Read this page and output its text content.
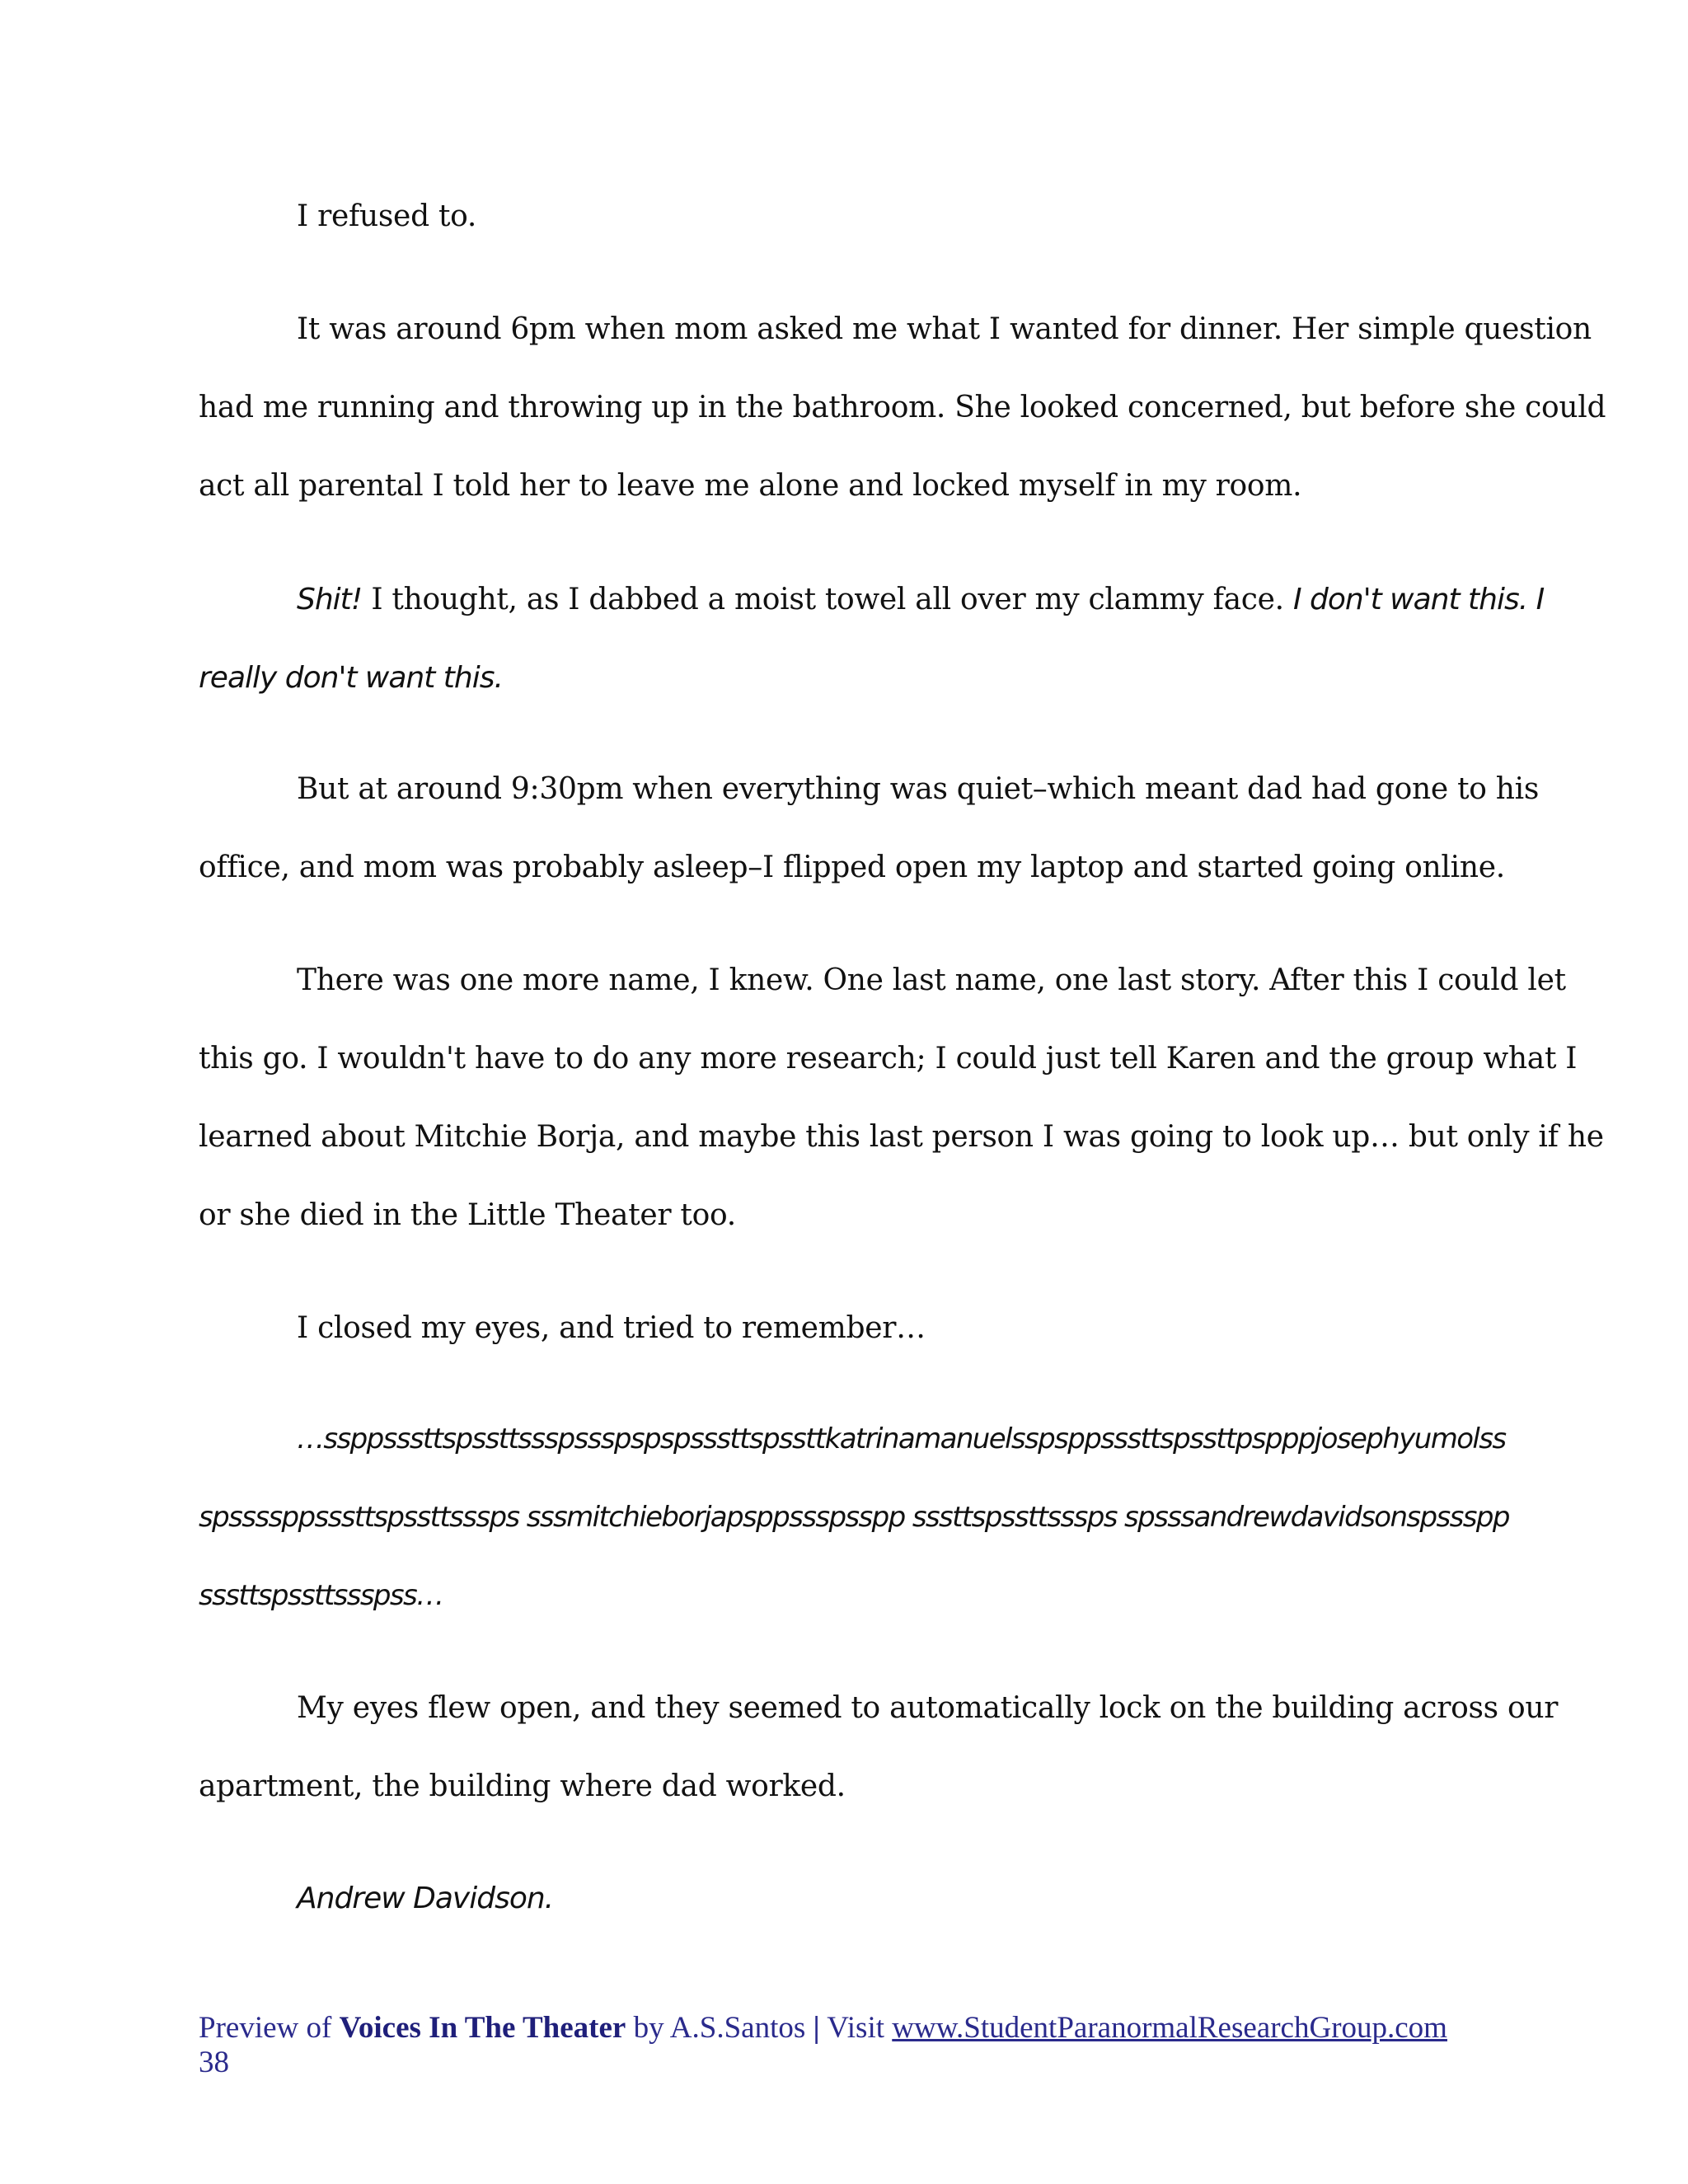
I refused to.

It was around 6pm when mom asked me what I wanted for dinner. Her simple question
had me running and throwing up in the bathroom. She looked concerned, but before she could
act all parental I told her to leave me alone and locked myself in my room.

Shit! I thought, as I dabbed a moist towel all over my clammy face. I don't want this. I
really don't want this.

But at around 9:30pm when everything was quiet–which meant dad had gone to his
office, and mom was probably asleep–I flipped open my laptop and started going online.

There was one more name, I knew. One last name, one last story. After this I could let
this go. I wouldn't have to do any more research; I could just tell Karen and the group what I
learned about Mitchie Borja, and maybe this last person I was going to look up… but only if he
or she died in the Little Theater too.

I closed my eyes, and tried to remember…

…ssppsssttspssttssspssspspspsssttspssttkatrinamanuelsspsppsssttspssttpspppjosephyumolss
spssssppsssttspssttsssps sssmitchieborjapsppssspsspp sssttspssttsssps spsssandrewdavidsonspssspp
sssttspssttssspss…

My eyes flew open, and they seemed to automatically lock on the building across our
apartment, the building where dad worked.

Andrew Davidson.

Preview of Voices In The Theater by A.S.Santos | Visit www.StudentParanormalResearchGroup.com
38
